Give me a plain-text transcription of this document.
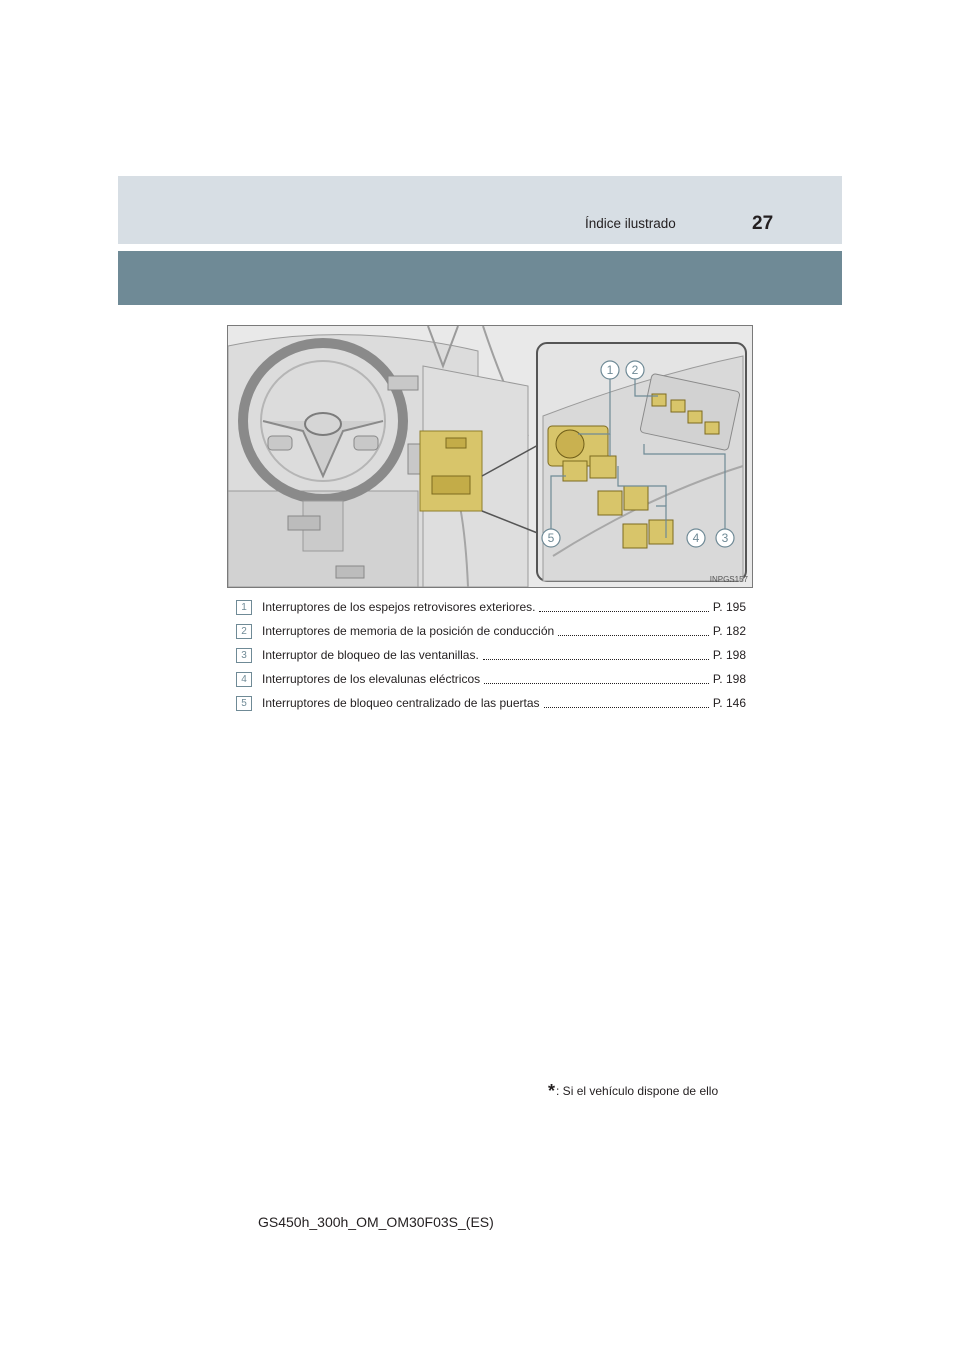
Índice ilustrado	27
1 2
3
4
5
INPGS157
1	Interruptores de los espejos retrovisores exteriores.	P. 195
2	Interruptores de memoria de la posición de conducción	P. 182
3	Interruptor de bloqueo de las ventanillas.	P. 198
4	Interruptores de los elevalunas eléctricos	P. 198
5	Interruptores de bloqueo centralizado de las puertas	P. 146
*: Si el vehículo dispone de ello
GS450h_300h_OM_OM30F03S_(ES)
